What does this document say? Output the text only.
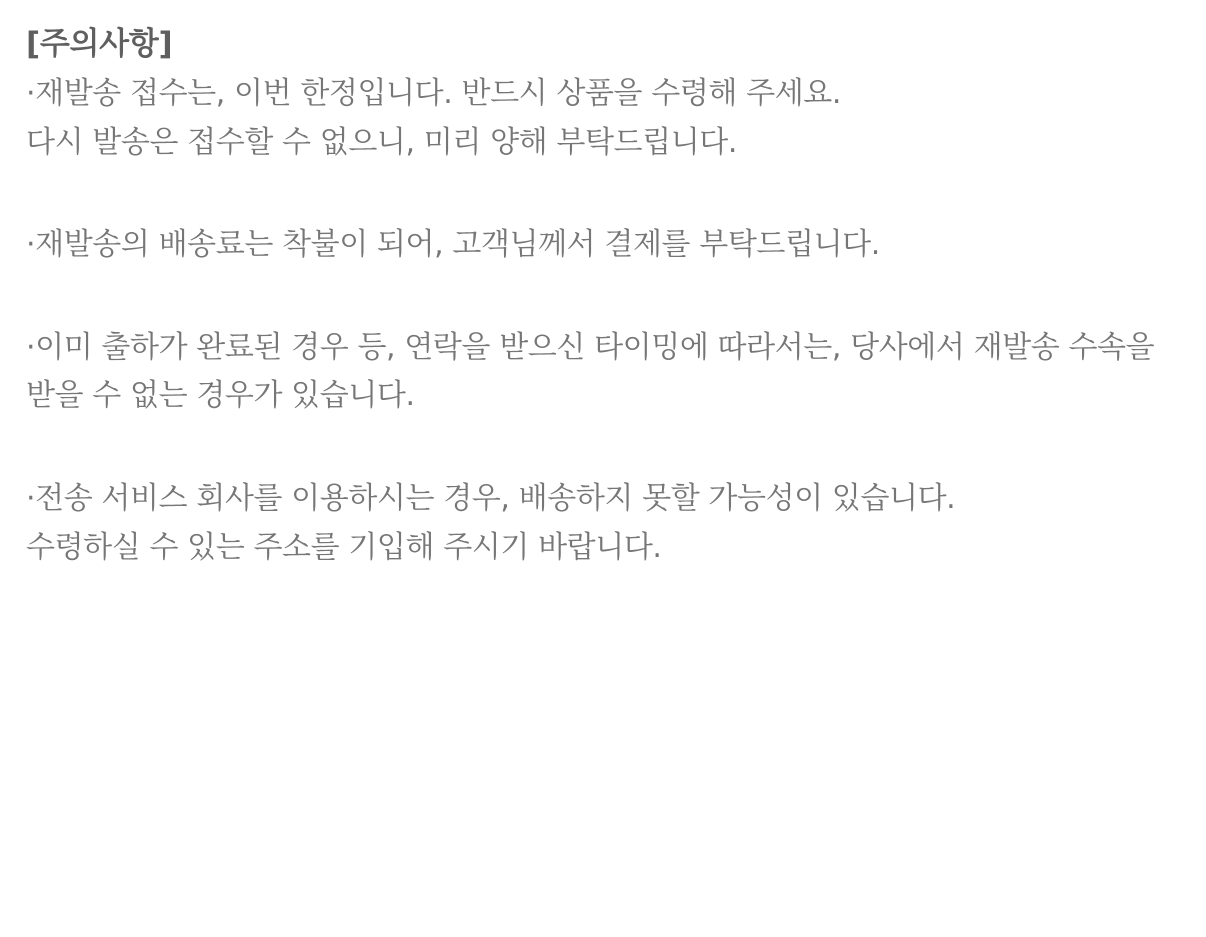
[주의사항]

·재발송 접수는, 이번 한정입니다. 반드시 상품을 수령해 주세요.

다시 발송은 접수할 수 없으니, 미리 양해 부탁드립니다.

·재발송의 배송료는 착불이 되어, 고객님께서 결제를 부탁드립니다.

·이미 출하가 완료된 경우 등, 연락을 받으신 타이밍에 따라서는, 당사에서 재발송 수속을 받을 수 없는 경우가 있습니다.

·전송 서비스 회사를 이용하시는 경우, 배송하지 못할 가능성이 있습니다.

수령하실 수 있는 주소를 기입해 주시기 바랍니다.
